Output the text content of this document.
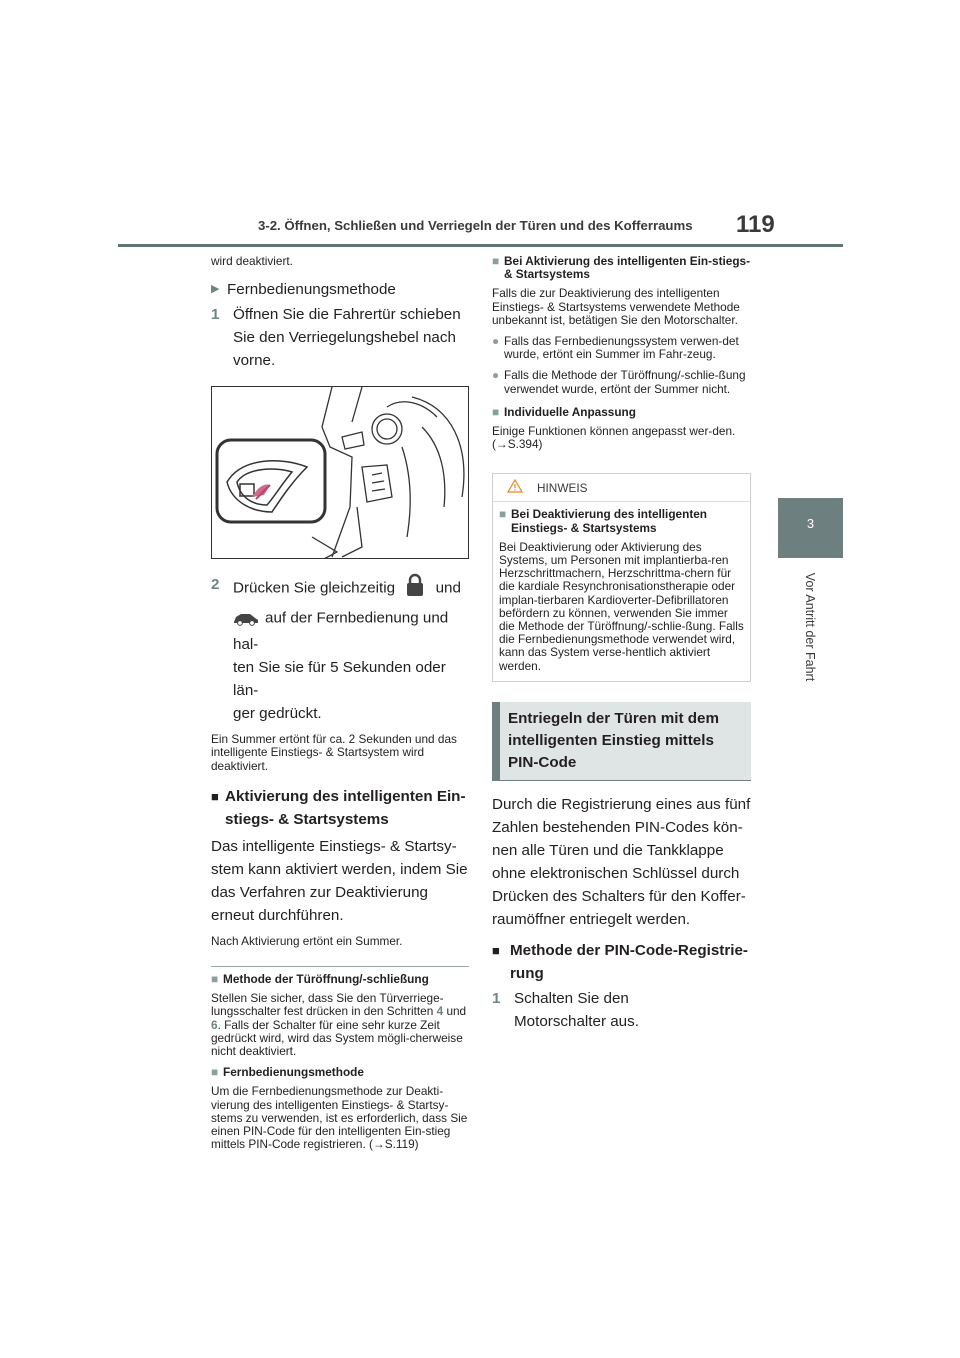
3-2. Öffnen, Schließen und Verriegeln der Türen und des Kofferraums 119
3
Vor Antritt der Fahrt
wird deaktiviert.
▶ Fernbedienungsmethode
1 Öffnen Sie die Fahrertür schieben Sie den Verriegelungshebel nach vorne.
2 Drücken Sie gleichzeitig	und
auf der Fernbedienung und hal-
ten Sie sie für 5 Sekunden oder län-
ger gedrückt.
Ein Summer ertönt für ca. 2 Sekunden und das intelligente Einstiegs- & Startsystem wird deaktiviert.
■ Aktivierung des intelligenten Ein-stiegs- & Startsystems
Das intelligente Einstiegs- & Startsy-stem kann aktiviert werden, indem Sie das Verfahren zur Deaktivierung erneut durchführen.
Nach Aktivierung ertönt ein Summer.
■ Methode der Türöffnung/-schließung
Stellen Sie sicher, dass Sie den Türverriege-lungsschalter fest drücken in den Schritten 4 und 6. Falls der Schalter für eine sehr kurze Zeit gedrückt wird, wird das System mögli-cherweise nicht deaktiviert.
■ Fernbedienungsmethode
Um die Fernbedienungsmethode zur Deakti-vierung des intelligenten Einstiegs- & Startsy-stems zu verwenden, ist es erforderlich, dass Sie einen PIN-Code für den intelligenten Ein-stieg mittels PIN-Code registrieren. (→S.119)
■ Bei Aktivierung des intelligenten Ein-stiegs- & Startsystems
Falls die zur Deaktivierung des intelligenten Einstiegs- & Startsystems verwendete Methode unbekannt ist, betätigen Sie den Motorschalter.
● Falls das Fernbedienungssystem verwen-det wurde, ertönt ein Summer im Fahr-zeug.
● Falls die Methode der Türöffnung/-schlie-ßung verwendet wurde, ertönt der Summer nicht.
■ Individuelle Anpassung
Einige Funktionen können angepasst wer-den. (→S.394)
HINWEIS
■ Bei Deaktivierung des intelligenten Einstiegs- & Startsystems
Bei Deaktivierung oder Aktivierung des Systems, um Personen mit implantierba-ren Herzschrittmachern, Herzschrittma-chern für die kardiale Resynchronisationstherapie oder implan-tierbaren Kardioverter-Defibrillatoren befördern zu können, verwenden Sie immer die Methode der Türöffnung/-schlie-ßung. Falls die Fernbedienungsmethode verwendet wird, kann das System verse-hentlich aktiviert werden.
Entriegeln der Türen mit dem intelligenten Einstieg mittels PIN-Code
Durch die Registrierung eines aus fünf Zahlen bestehenden PIN-Codes kön-nen alle Türen und die Tankklappe ohne elektronischen Schlüssel durch Drücken des Schalters für den Koffer-raumöffner entriegelt werden.
■ Methode der PIN-Code-Registrie-rung
1 Schalten Sie den Motorschalter aus.
